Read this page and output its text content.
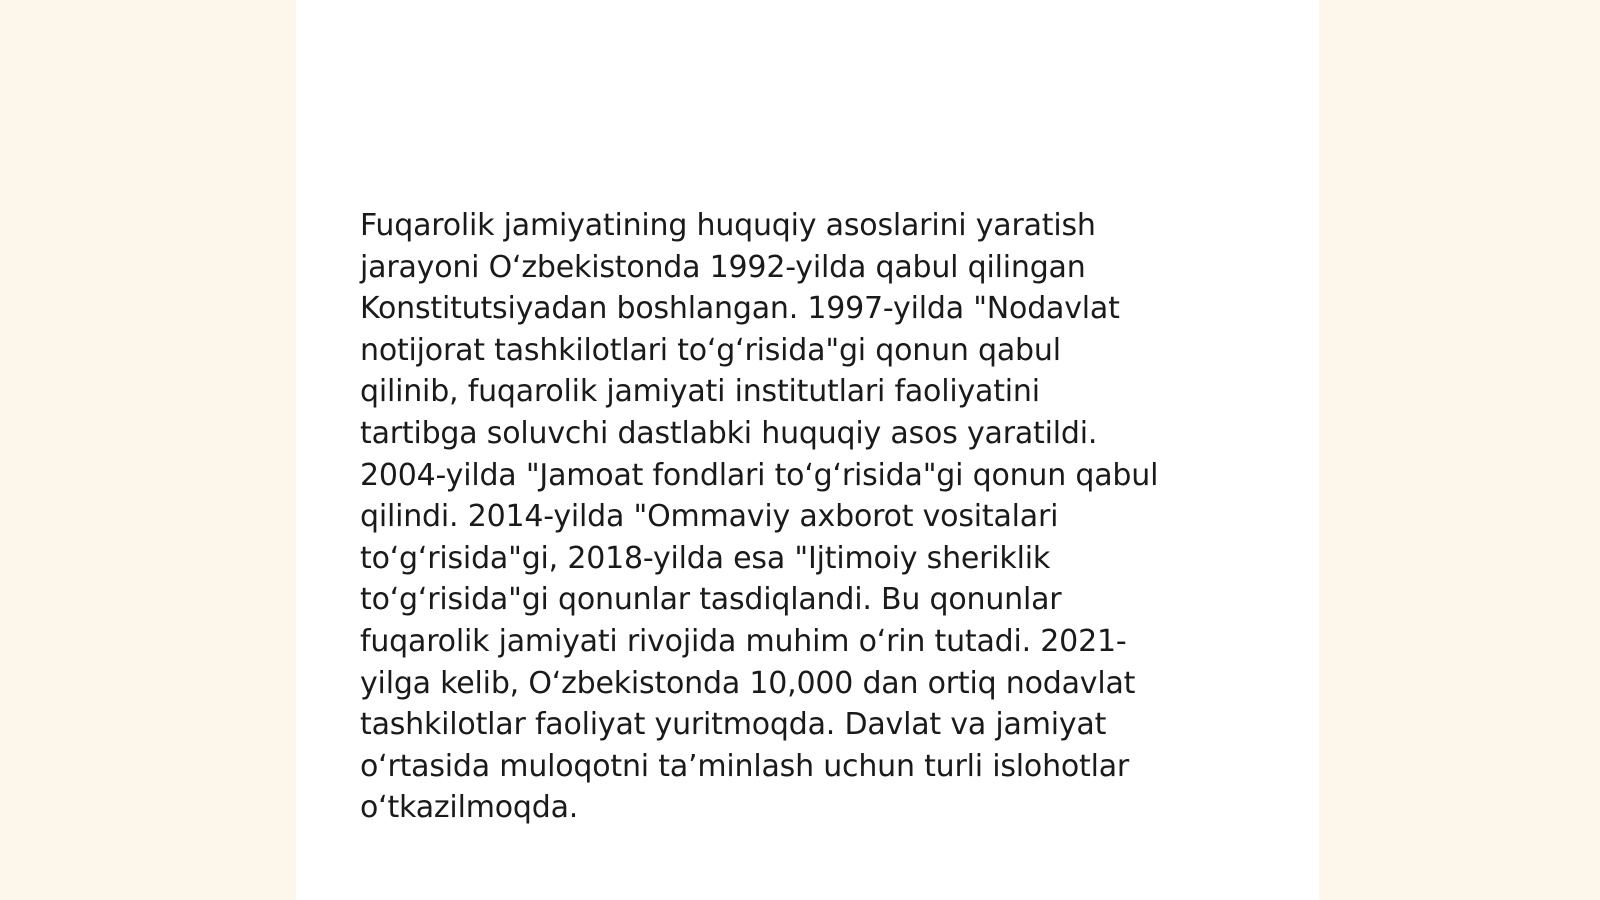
Fuqarolik jamiyatining huquqiy asoslarini yaratish
jarayoni O‘zbekistonda 1992-yilda qabul qilingan
Konstitutsiyadan boshlangan. 1997-yilda "Nodavlat
notijorat tashkilotlari to‘g‘risida"gi qonun qabul
qilinib, fuqarolik jamiyati institutlari faoliyatini
tartibga soluvchi dastlabki huquqiy asos yaratildi.
2004-yilda "Jamoat fondlari to‘g‘risida"gi qonun qabul
qilindi. 2014-yilda "Ommaviy axborot vositalari
to‘g‘risida"gi, 2018-yilda esa "Ijtimoiy sheriklik
to‘g‘risida"gi qonunlar tasdiqlandi. Bu qonunlar
fuqarolik jamiyati rivojida muhim o‘rin tutadi. 2021-
yilga kelib, O‘zbekistonda 10,000 dan ortiq nodavlat
tashkilotlar faoliyat yuritmoqda. Davlat va jamiyat
o‘rtasida muloqotni ta’minlash uchun turli islohotlar
o‘tkazilmoqda.
